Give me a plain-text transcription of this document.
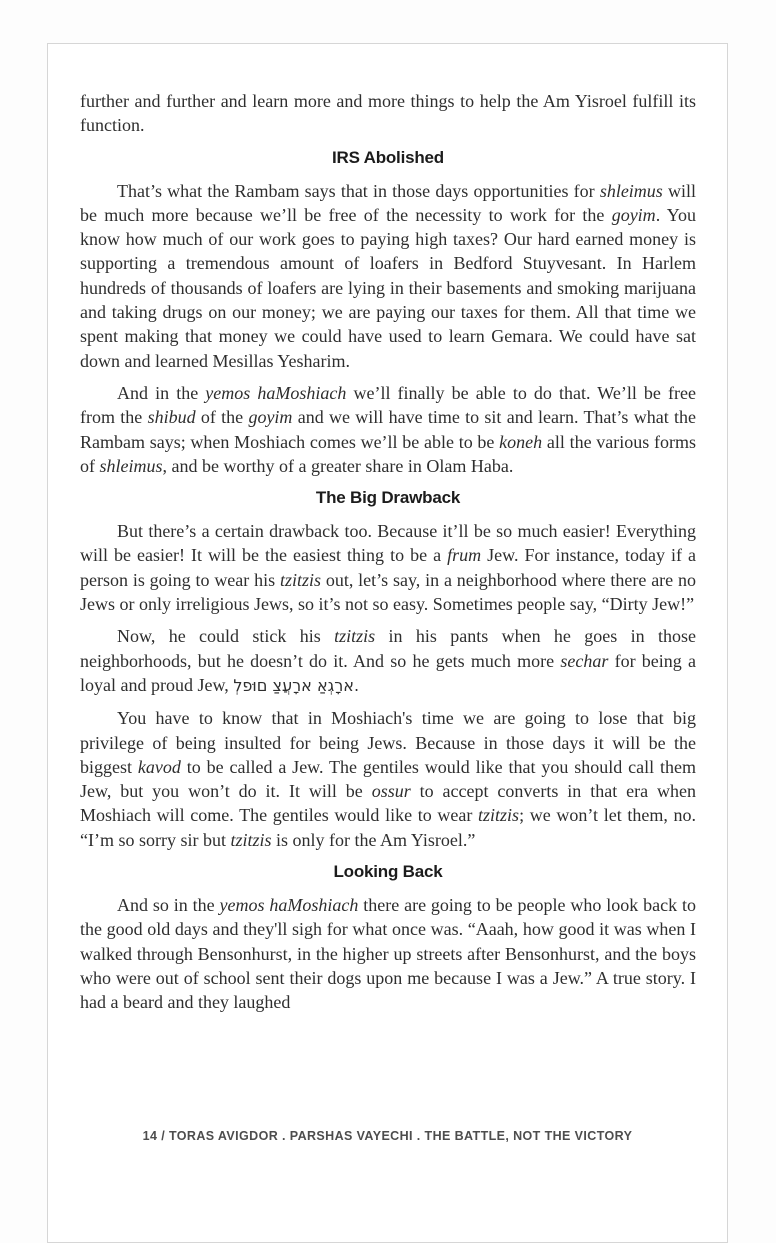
further and further and learn more and more things to help the Am Yisroel fulfill its function.

IRS Abolished

That’s what the Rambam says that in those days opportunities for shleimus will be much more because we’ll be free of the necessity to work for the goyim. You know how much of our work goes to paying high taxes? Our hard earned money is supporting a tremendous amount of loafers in Bedford Stuyvesant. In Harlem hundreds of thousands of loafers are lying in their basements and smoking marijuana and taking drugs on our money; we are paying our taxes for them. All that time we spent making that money we could have used to learn Gemara. We could have sat down and learned Mesillas Yesharim.

And in the yemos haMoshiach we’ll finally be able to do that. We’ll be free from the shibud of the goyim and we will have time to sit and learn. That’s what the Rambam says; when Moshiach comes we’ll be able to be koneh all the various forms of shleimus, and be worthy of a greater share in Olam Haba.

The Big Drawback

But there’s a certain drawback too. Because it’ll be so much easier! Everything will be easier! It will be the easiest thing to be a frum Jew. For instance, today if a person is going to wear his tzitzis out, let’s say, in a neighborhood where there are no Jews or only irreligious Jews, so it’s not so easy. Sometimes people say, “Dirty Jew!”

Now, he could stick his tzitzis in his pants when he goes in those neighborhoods, but he doesn’t do it. And so he gets much more sechar for being a loyal and proud Jew, לְפוּם צַעֲרָא אַגְרָא.

You have to know that in Moshiach's time we are going to lose that big privilege of being insulted for being Jews. Because in those days it will be the biggest kavod to be called a Jew. The gentiles would like that you should call them Jew, but you won’t do it. It will be ossur to accept converts in that era when Moshiach will come. The gentiles would like to wear tzitzis; we won’t let them, no. “I’m so sorry sir but tzitzis is only for the Am Yisroel.”

Looking Back

And so in the yemos haMoshiach there are going to be people who look back to the good old days and they'll sigh for what once was. “Aaah, how good it was when I walked through Bensonhurst, in the higher up streets after Bensonhurst, and the boys who were out of school sent their dogs upon me because I was a Jew.” A true story. I had a beard and they laughed

14 / TORAS AVIGDOR . PARSHAS VAYECHI . THE BATTLE, NOT THE VICTORY
